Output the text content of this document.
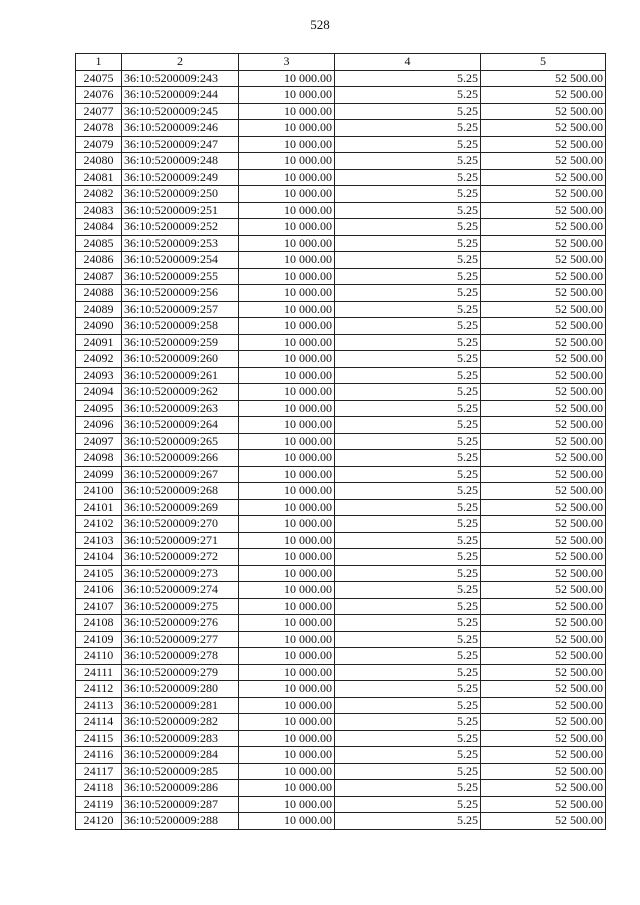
528
1	2	3	4	5
24075	36:10:5200009:243	10 000.00	5.25	52 500.00
24076	36:10:5200009:244	10 000.00	5.25	52 500.00
24077	36:10:5200009:245	10 000.00	5.25	52 500.00
24078	36:10:5200009:246	10 000.00	5.25	52 500.00
24079	36:10:5200009:247	10 000.00	5.25	52 500.00
24080	36:10:5200009:248	10 000.00	5.25	52 500.00
24081	36:10:5200009:249	10 000.00	5.25	52 500.00
24082	36:10:5200009:250	10 000.00	5.25	52 500.00
24083	36:10:5200009:251	10 000.00	5.25	52 500.00
24084	36:10:5200009:252	10 000.00	5.25	52 500.00
24085	36:10:5200009:253	10 000.00	5.25	52 500.00
24086	36:10:5200009:254	10 000.00	5.25	52 500.00
24087	36:10:5200009:255	10 000.00	5.25	52 500.00
24088	36:10:5200009:256	10 000.00	5.25	52 500.00
24089	36:10:5200009:257	10 000.00	5.25	52 500.00
24090	36:10:5200009:258	10 000.00	5.25	52 500.00
24091	36:10:5200009:259	10 000.00	5.25	52 500.00
24092	36:10:5200009:260	10 000.00	5.25	52 500.00
24093	36:10:5200009:261	10 000.00	5.25	52 500.00
24094	36:10:5200009:262	10 000.00	5.25	52 500.00
24095	36:10:5200009:263	10 000.00	5.25	52 500.00
24096	36:10:5200009:264	10 000.00	5.25	52 500.00
24097	36:10:5200009:265	10 000.00	5.25	52 500.00
24098	36:10:5200009:266	10 000.00	5.25	52 500.00
24099	36:10:5200009:267	10 000.00	5.25	52 500.00
24100	36:10:5200009:268	10 000.00	5.25	52 500.00
24101	36:10:5200009:269	10 000.00	5.25	52 500.00
24102	36:10:5200009:270	10 000.00	5.25	52 500.00
24103	36:10:5200009:271	10 000.00	5.25	52 500.00
24104	36:10:5200009:272	10 000.00	5.25	52 500.00
24105	36:10:5200009:273	10 000.00	5.25	52 500.00
24106	36:10:5200009:274	10 000.00	5.25	52 500.00
24107	36:10:5200009:275	10 000.00	5.25	52 500.00
24108	36:10:5200009:276	10 000.00	5.25	52 500.00
24109	36:10:5200009:277	10 000.00	5.25	52 500.00
24110	36:10:5200009:278	10 000.00	5.25	52 500.00
24111	36:10:5200009:279	10 000.00	5.25	52 500.00
24112	36:10:5200009:280	10 000.00	5.25	52 500.00
24113	36:10:5200009:281	10 000.00	5.25	52 500.00
24114	36:10:5200009:282	10 000.00	5.25	52 500.00
24115	36:10:5200009:283	10 000.00	5.25	52 500.00
24116	36:10:5200009:284	10 000.00	5.25	52 500.00
24117	36:10:5200009:285	10 000.00	5.25	52 500.00
24118	36:10:5200009:286	10 000.00	5.25	52 500.00
24119	36:10:5200009:287	10 000.00	5.25	52 500.00
24120	36:10:5200009:288	10 000.00	5.25	52 500.00
